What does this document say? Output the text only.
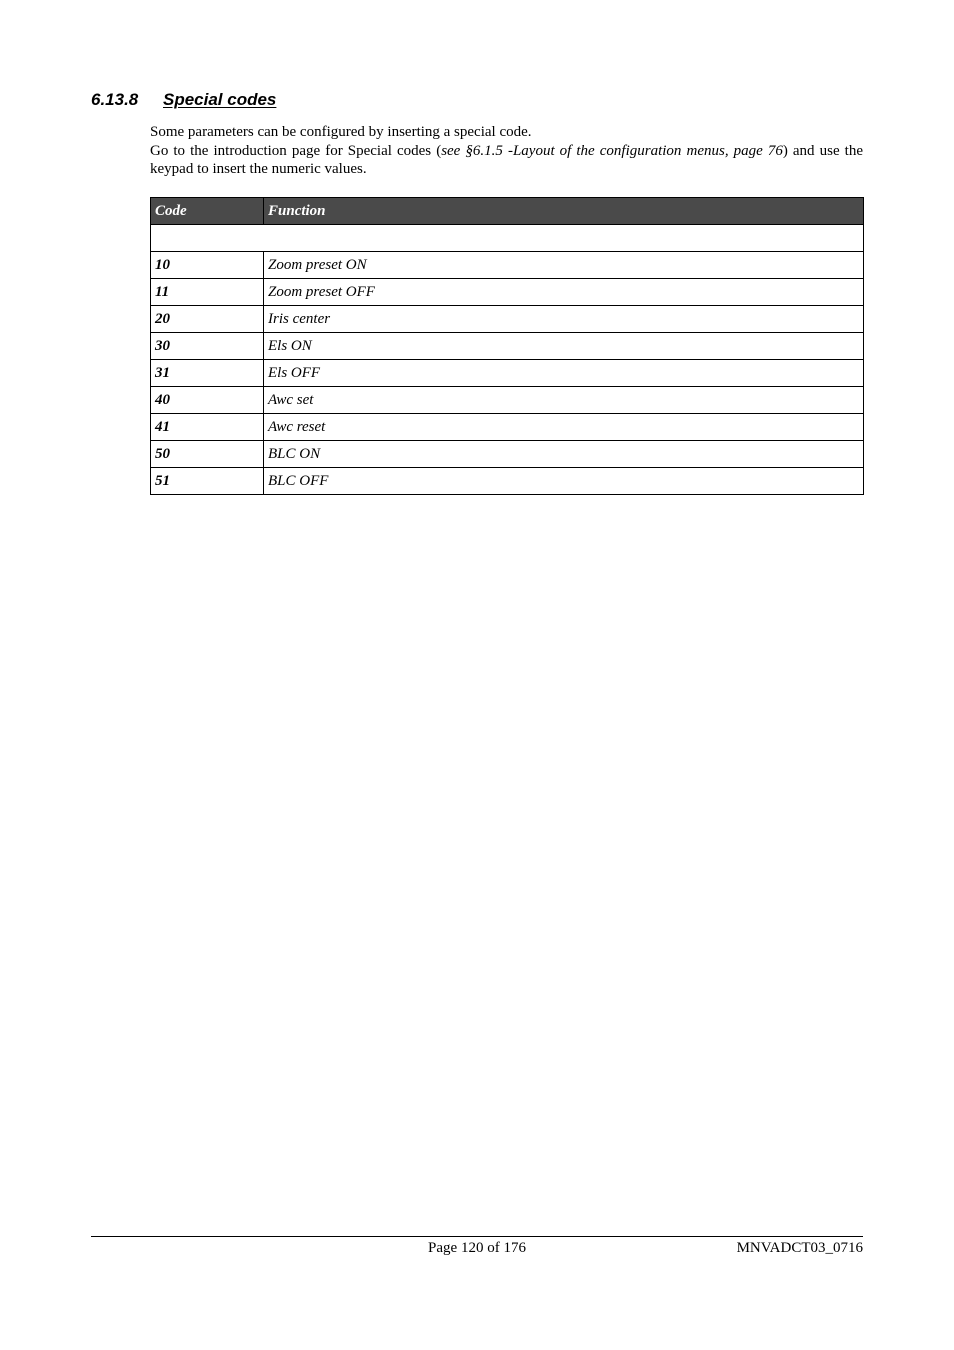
6.13.8 Special codes

Some parameters can be configured by inserting a special code.

Go to the introduction page for Special codes (see §6.1.5 -Layout of the configuration menus, page 76) and use the keypad to insert the numeric values.

Code	Function

10	Zoom preset ON
11	Zoom preset OFF
20	Iris center
30	Els ON
31	Els OFF
40	Awc set
41	Awc reset
50	BLC ON
51	BLC OFF
Page 120 of 176	MNVADCT03_0716
